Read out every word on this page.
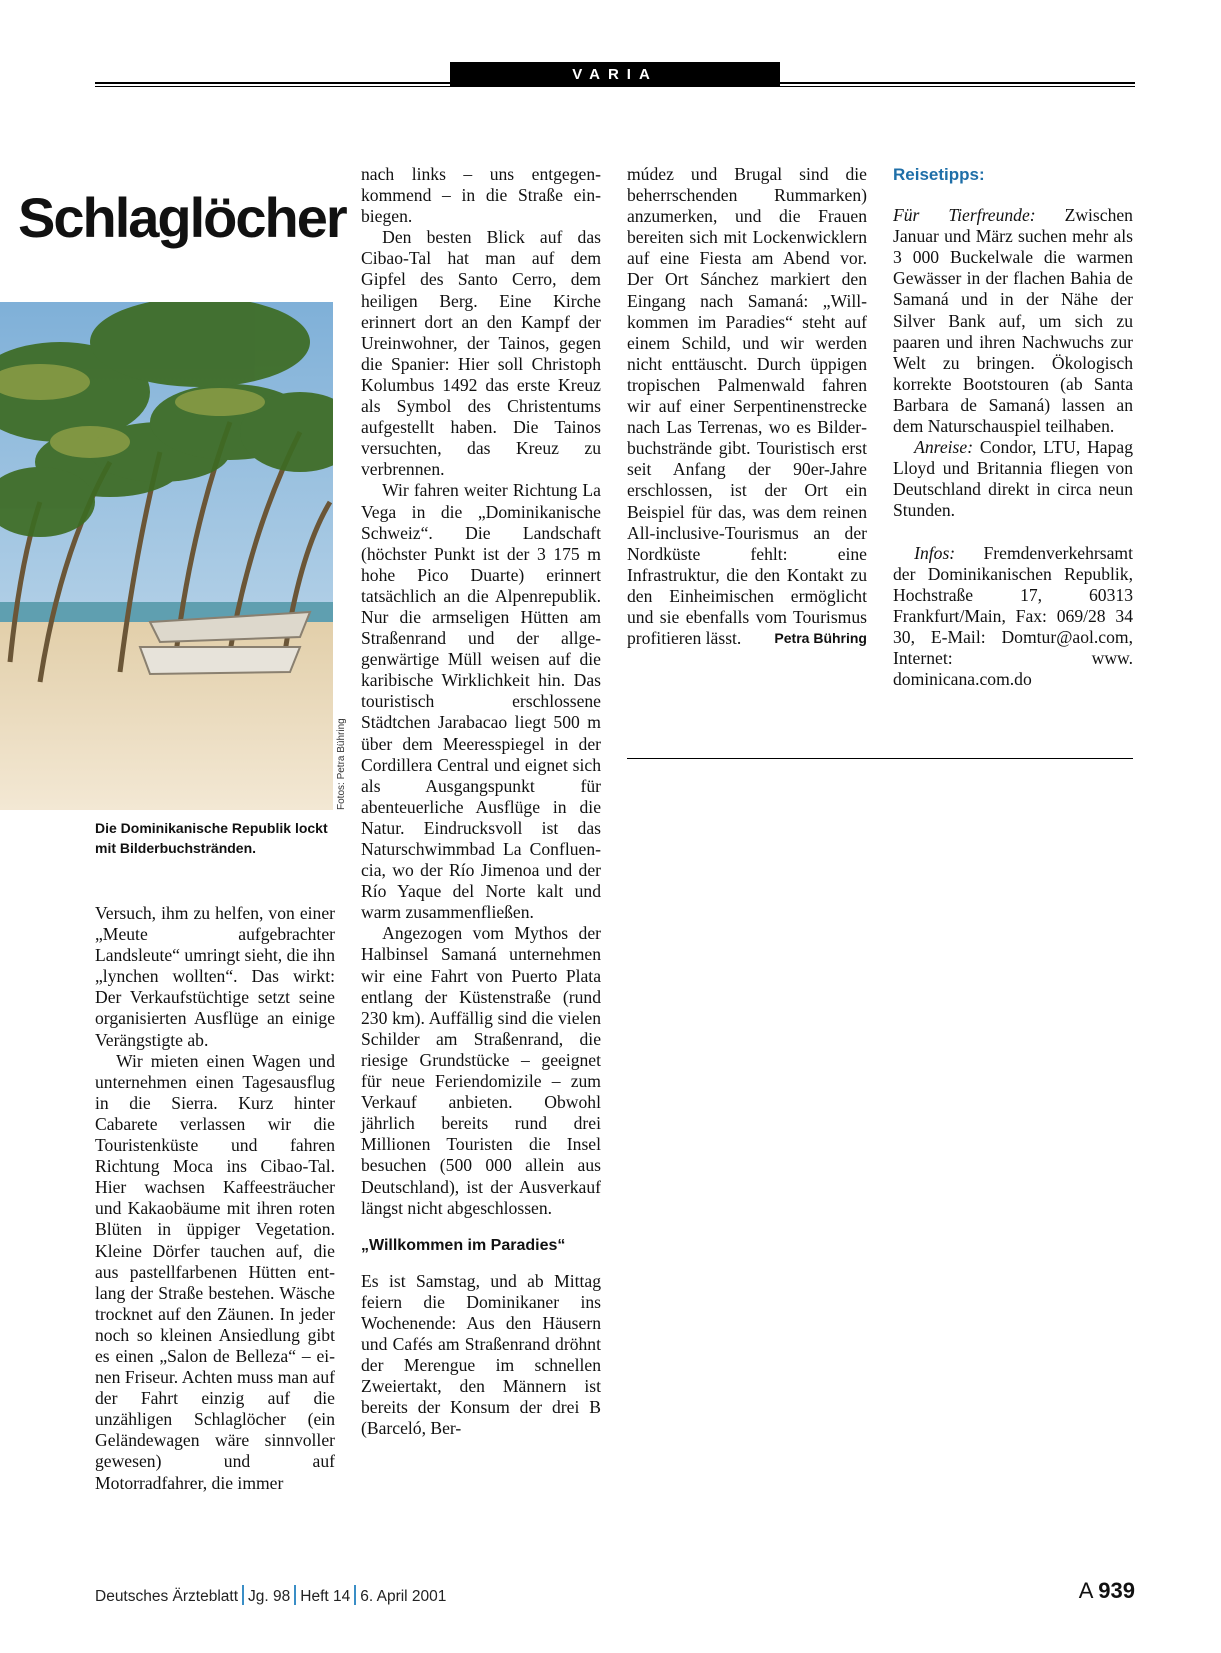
VARIA
Schlaglöcher
Fotos: Petra Bühring
Die Dominikanische Republik lockt mit Bilderbuchstränden.

Versuch, ihm zu helfen, von einer „Meute aufgebrachter Landsleute“ umringt sieht, die ihn „lynchen wollten“. Das wirkt: Der Verkaufstüchtige setzt seine organisierten Ausflüge an einige Verängstigte ab.

Wir mieten einen Wagen und unternehmen einen Tagesausflug in die Sierra. Kurz hinter Cabarete verlassen wir die Touristenküste und fahren Richtung Moca ins Cibao-Tal. Hier wachsen Kaffeesträucher und Kakaobäume mit ihren roten Blüten in üppiger Vegetation. Kleine Dörfer tauchen auf, die aus pastellfarbenen Hütten entlang der Straße bestehen. Wäsche trocknet auf den Zäunen. In jeder noch so kleinen Ansiedlung gibt es einen „Salon de Belleza“ – einen Friseur. Achten muss man auf der Fahrt einzig auf die unzähligen Schlaglöcher (ein Geländewagen wäre sinnvoller gewesen) und auf Motorradfahrer, die immer

nach links – uns entgegenkommend – in die Straße einbiegen.

Den besten Blick auf das Cibao-Tal hat man auf dem Gipfel des Santo Cerro, dem heiligen Berg. Eine Kirche erinnert dort an den Kampf der Ureinwohner, der Tainos, gegen die Spanier: Hier soll Christoph Kolumbus 1492 das erste Kreuz als Symbol des Christentums aufgestellt haben. Die Tainos versuchten, das Kreuz zu verbrennen.

Wir fahren weiter Richtung La Vega in die „Dominikanische Schweiz“. Die Landschaft (höchster Punkt ist der 3 175 m hohe Pico Duarte) erinnert tatsächlich an die Alpenrepublik. Nur die armseligen Hütten am Straßenrand und der allgegenwärtige Müll weisen auf die karibische Wirklichkeit hin. Das touristisch erschlossene Städtchen Jarabacao liegt 500 m über dem Meeresspiegel in der Cordillera Central und eignet sich als Ausgangspunkt für abenteuerliche Ausflüge in die Natur. Eindrucksvoll ist das Naturschwimmbad La Confluencia, wo der Río Jimenoa und der Río Yaque del Norte kalt und warm zusammenfließen.

Angezogen vom Mythos der Halbinsel Samaná unternehmen wir eine Fahrt von Puerto Plata entlang der Küstenstraße (rund 230 km). Auffällig sind die vielen Schilder am Straßenrand, die riesige Grundstücke – geeignet für neue Feriendomizile – zum Verkauf anbieten. Obwohl jährlich bereits rund drei Millionen Touristen die Insel besuchen (500 000 allein aus Deutschland), ist der Ausverkauf längst nicht abgeschlossen.

„Willkommen im Paradies“

Es ist Samstag, und ab Mittag feiern die Dominikaner ins Wochenende: Aus den Häusern und Cafés am Straßenrand dröhnt der Merengue im schnellen Zweiertakt, den Männern ist bereits der Konsum der drei B (Barceló, Ber-

múdez und Brugal sind die beherrschenden Rummarken) anzumerken, und die Frauen bereiten sich mit Lockenwicklern auf eine Fiesta am Abend vor. Der Ort Sánchez markiert den Eingang nach Samaná: „Willkommen im Paradies“ steht auf einem Schild, und wir werden nicht enttäuscht. Durch üppigen tropischen Palmenwald fahren wir auf einer Serpentinenstrecke nach Las Terrenas, wo es Bilderbuchstrände gibt. Touristisch erst seit Anfang der 90er-Jahre erschlossen, ist der Ort ein Beispiel für das, was dem reinen All-inclusive-Tourismus an der Nordküste fehlt: eine Infrastruktur, die den Kontakt zu den Einheimischen ermöglicht und sie ebenfalls vom Tourismus profitieren lässt. Petra Bühring

Reisetipps:

Für Tierfreunde: Zwischen Januar und März suchen mehr als 3 000 Buckelwale die warmen Gewässer in der flachen Bahia de Samaná und in der Nähe der Silver Bank auf, um sich zu paaren und ihren Nachwuchs zur Welt zu bringen. Ökologisch korrekte Bootstouren (ab Santa Barbara de Samaná) lassen an dem Naturschauspiel teilhaben.

Anreise: Condor, LTU, Hapag Lloyd und Britannia fliegen von Deutschland direkt in circa neun Stunden.

Infos: Fremdenverkehrsamt der Dominikanischen Republik, Hochstraße 17, 60313 Frankfurt/Main, Fax: 069/28 34 30, E-Mail: Domtur@aol.com, Internet: www. dominicana.com.do

Deutsches Ärzteblatt Jg. 98 Heft 14 6. April 2001	A 939
